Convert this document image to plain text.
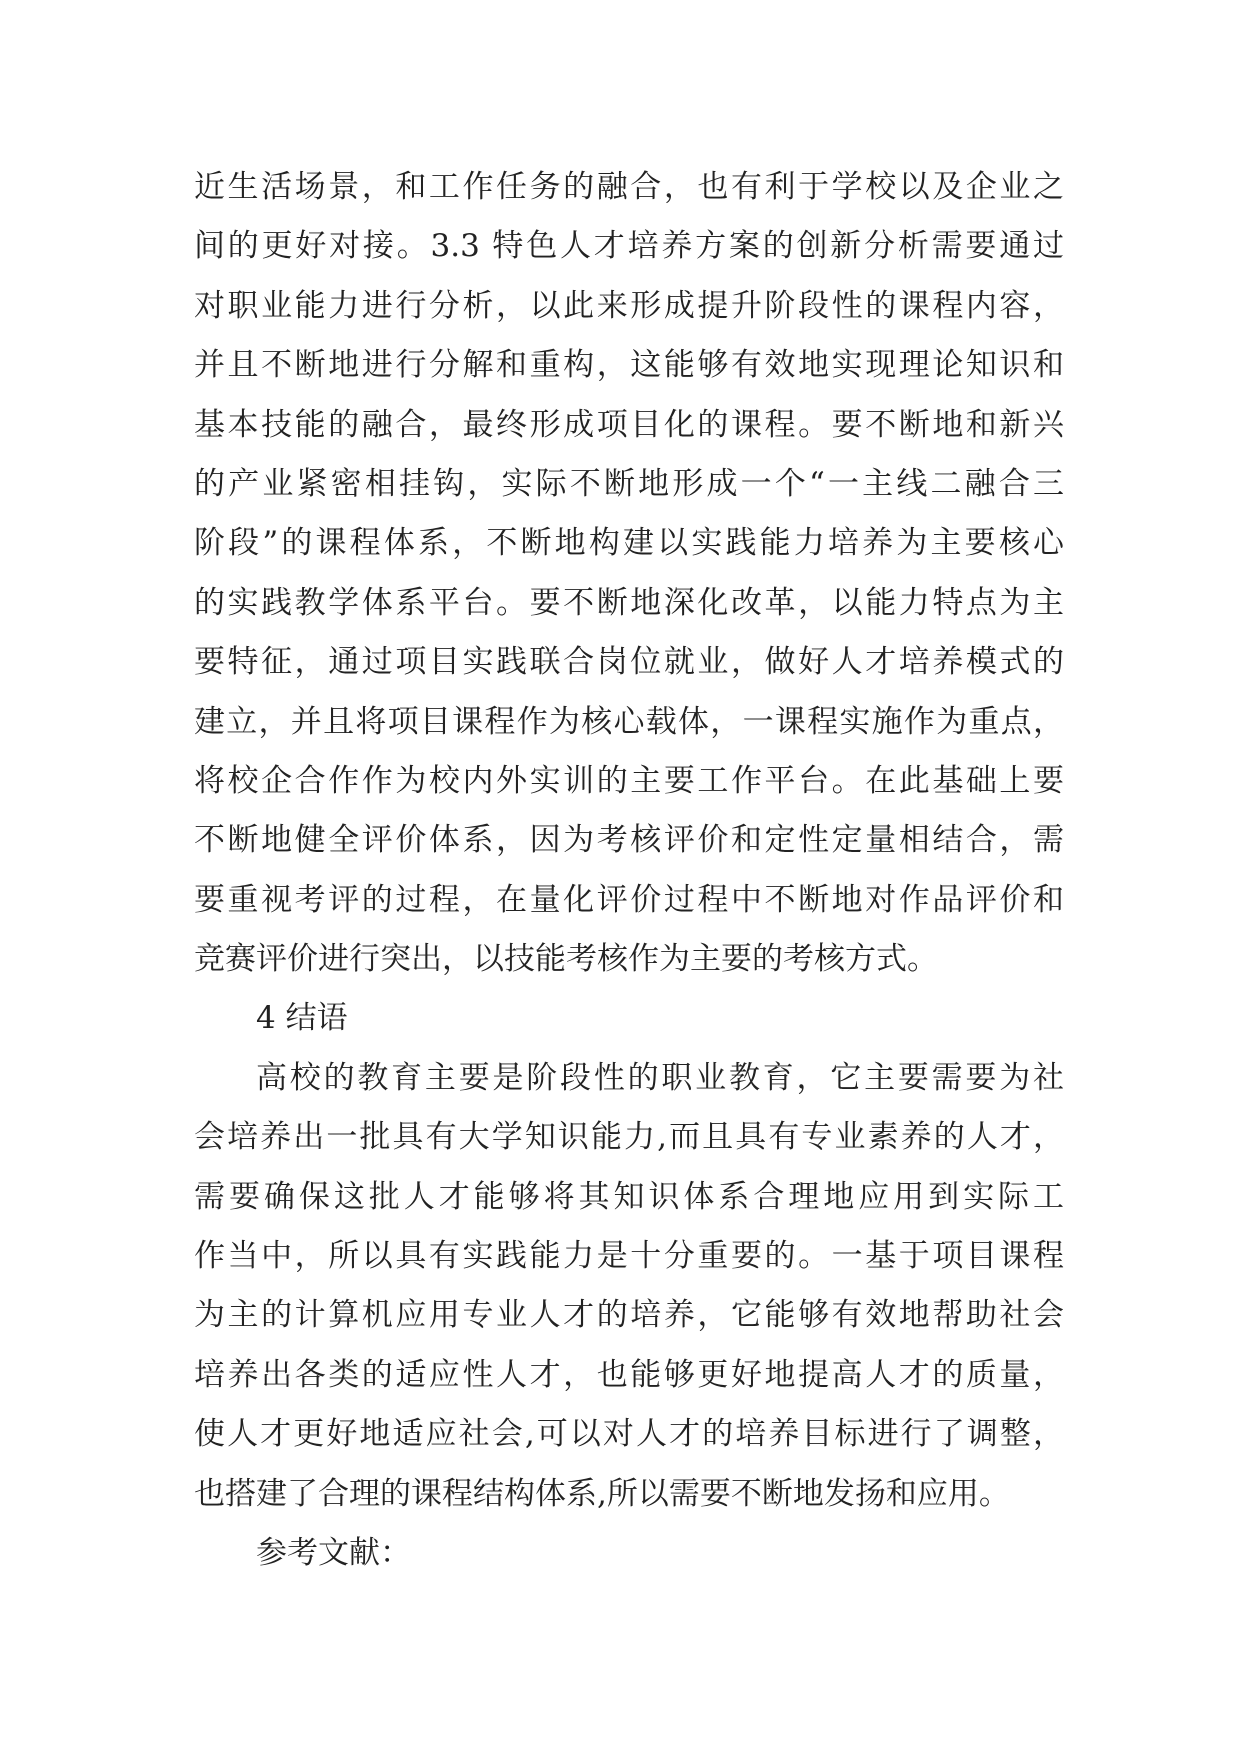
近生活场景，和工作任务的融合，也有利于学校以及企业之
间的更好对接。3.3 特色人才培养方案的创新分析需要通过
对职业能力进行分析，以此来形成提升阶段性的课程内容，
并且不断地进行分解和重构，这能够有效地实现理论知识和
基本技能的融合，最终形成项目化的课程。要不断地和新兴
的产业紧密相挂钩，实际不断地形成一个“一主线二融合三
阶段”的课程体系，不断地构建以实践能力培养为主要核心
的实践教学体系平台。要不断地深化改革，以能力特点为主
要特征，通过项目实践联合岗位就业，做好人才培养模式的
建立，并且将项目课程作为核心载体，一课程实施作为重点，
将校企合作作为校内外实训的主要工作平台。在此基础上要
不断地健全评价体系，因为考核评价和定性定量相结合，需
要重视考评的过程，在量化评价过程中不断地对作品评价和
竞赛评价进行突出，以技能考核作为主要的考核方式。
4 结语
高校的教育主要是阶段性的职业教育，它主要需要为社
会培养出一批具有大学知识能力,而且具有专业素养的人才，
需要确保这批人才能够将其知识体系合理地应用到实际工
作当中，所以具有实践能力是十分重要的。一基于项目课程
为主的计算机应用专业人才的培养，它能够有效地帮助社会
培养出各类的适应性人才，也能够更好地提高人才的质量，
使人才更好地适应社会,可以对人才的培养目标进行了调整，
也搭建了合理的课程结构体系,所以需要不断地发扬和应用。
参考文献：
